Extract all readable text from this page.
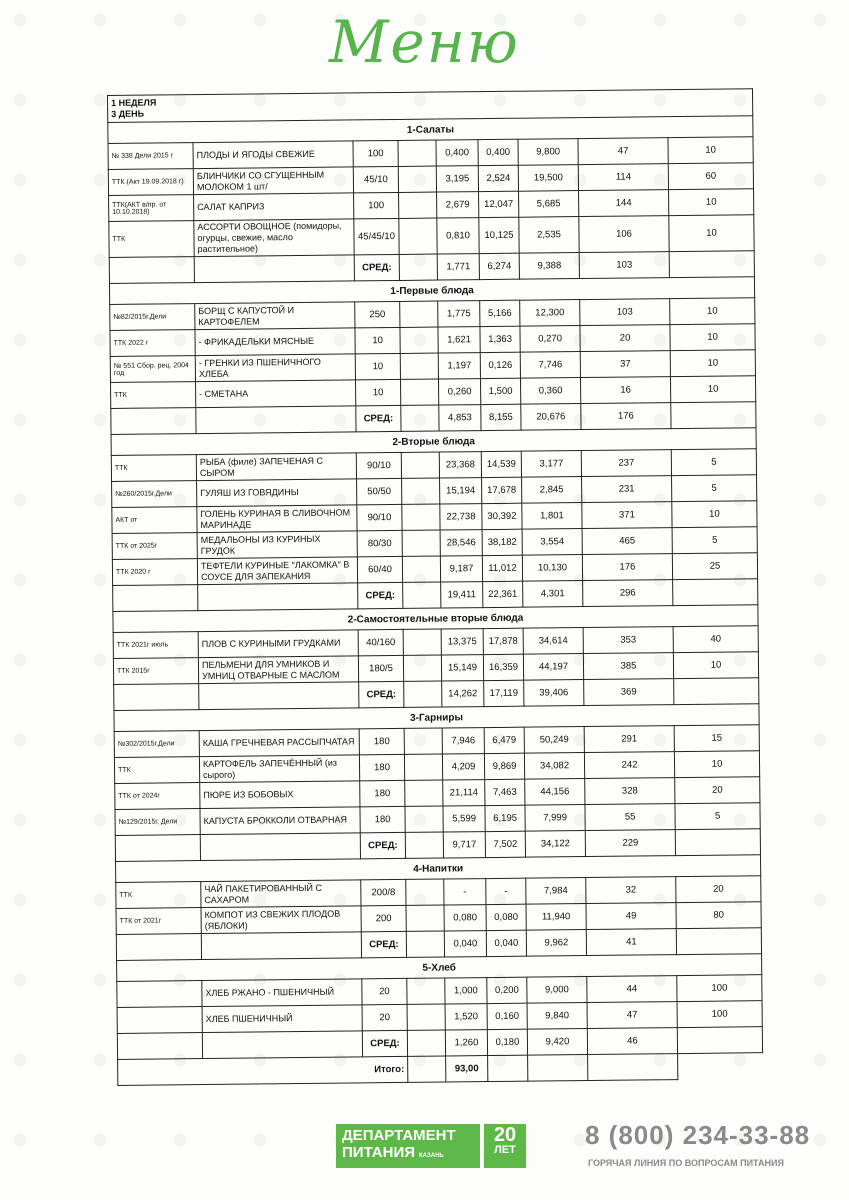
Меню
1 НЕДЕЛЯ
3 ДЕНЬ								

1-Салаты								
№ 338 Дели 2015 г	ПЛОДЫ И ЯГОДЫ СВЕЖИЕ	100		0,400	0,400	9,800	47	10
ТТК (Акт 19.09.2018 г)	БЛИНЧИКИ СО СГУЩЕННЫМ МОЛОКОМ 1 шт/	45/10		3,195	2,524	19,500	114	60
ТТК(АКТ в/пр. от 10.10.2018)	САЛАТ КАПРИЗ	100		2,679	12,047	5,685	144	10
ТТК	АССОРТИ ОВОЩНОЕ (помидоры, огурцы, свежие, масло растительное)	45/45/10		0,810	10,125	2,535	106	10
		СРЕД:		1,771	6,274	9,388	103	
1-Первые блюда								
№82/2015г.Дели	БОРЩ С КАПУСТОЙ И КАРТОФЕЛЕМ	250		1,775	5,166	12,300	103	10
ТТК 2022 г	- ФРИКАДЕЛЬКИ МЯСНЫЕ	10		1,621	1,363	0,270	20	10
№ 551 Сбор. рец. 2004 год	- ГРЕНКИ ИЗ ПШЕНИЧНОГО ХЛЕБА	10		1,197	0,126	7,746	37	10
ТТК	- СМЕТАНА	10		0,260	1,500	0,360	16	10
		СРЕД:		4,853	8,155	20,676	176	
2-Вторые блюда								
ТТК	РЫБА (филе) ЗАПЕЧЕНАЯ С СЫРОМ	90/10		23,368	14,539	3,177	237	5
№260/2015г.Дели	ГУЛЯШ ИЗ ГОВЯДИНЫ	50/50		15,194	17,678	2,845	231	5
АКТ от	ГОЛЕНЬ КУРИНАЯ В СЛИВОЧНОМ МАРИНАДЕ	90/10		22,738	30,392	1,801	371	10
ТТК от 2025г	МЕДАЛЬОНЫ ИЗ КУРИНЫХ ГРУДОК	80/30		28,546	38,182	3,554	465	5
ТТК 2020 г	ТЕФТЕЛИ КУРИНЫЕ "ЛАКОМКА" В СОУСЕ ДЛЯ ЗАПЕКАНИЯ	60/40		9,187	11,012	10,130	176	25
		СРЕД:		19,411	22,361	4,301	296	
2-Самостоятельные вторые блюда								
ТТК 2021г июль	ПЛОВ С КУРИНЫМИ ГРУДКАМИ	40/160		13,375	17,878	34,614	353	40
ТТК 2015г	ПЕЛЬМЕНИ ДЛЯ УМНИКОВ И УМНИЦ ОТВАРНЫЕ С МАСЛОМ	180/5		15,149	16,359	44,197	385	10
		СРЕД:		14,262	17,119	39,406	369	
3-Гарниры								
№302/2015г.Дели	КАША ГРЕЧНЕВАЯ РАССЫПЧАТАЯ	180		7,946	6,479	50,249	291	15
ТТК	КАРТОФЕЛЬ ЗАПЕЧЁННЫЙ (из сырого)	180		4,209	9,869	34,082	242	10
ТТК от 2024г	ПЮРЕ ИЗ БОБОВЫХ	180		21,114	7,463	44,156	328	20
№129/2015г, Дели	КАПУСТА БРОККОЛИ ОТВАРНАЯ	180		5,599	6,195	7,999	55	5
		СРЕД:		9,717	7,502	34,122	229	
4-Напитки								
ТТК	ЧАЙ ПАКЕТИРОВАННЫЙ С САХАРОМ	200/8		-	-	7,984	32	20
ТТК от 2021г	КОМПОТ ИЗ СВЕЖИХ ПЛОДОВ (ЯБЛОКИ)	200		0,080	0,080	11,940	49	80
		СРЕД:		0,040	0,040	9,962	41	
5-Хлеб								
	ХЛЕБ РЖАНО - ПШЕНИЧНЫЙ	20		1,000	0,200	9,000	44	100
	ХЛЕБ ПШЕНИЧНЫЙ	20		1,520	0,160	9,840	47	100
		СРЕД:		1,260	0,180	9,420	46	
Итого:				93,00				
ДЕПАРТАМЕНТ
ПИТАНИЯ КАЗАНЬ
20
ЛЕТ	8 (800) 234-33-88
ГОРЯЧАЯ ЛИНИЯ ПО ВОПРОСАМ ПИТАНИЯ
